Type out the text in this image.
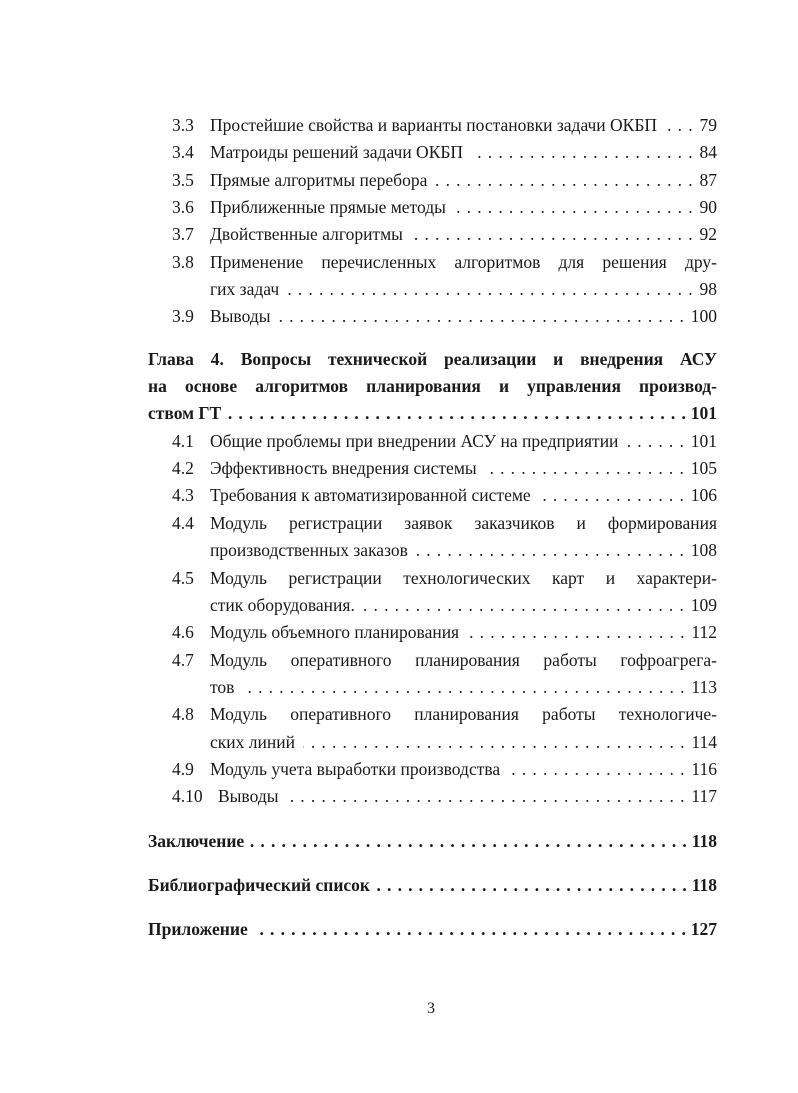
3.3 Простейшие свойства и варианты постановки задачи ОКБП . . . 79
3.4 Матроиды решений задачи ОКБП . . .	84
3.5 Прямые алгоритмы перебора . . .	87
3.6 Приближенные прямые методы . . .	90
3.7 Двойственные алгоритмы . . .	92
3.8 Применение перечисленных алгоритмов для решения дру-
гих задач . . .	98
3.9 Выводы . . .	100
Глава 4. Вопросы технической реализации и внедрения АСУ
на основе алгоритмов планирования и управления производ-
ством ГТ . . .	101
4.1 Общие проблемы при внедрении АСУ на предприятии . . .	101
4.2 Эффективность внедрения системы . . .	105
4.3 Требования к автоматизированной системе . . .	106
4.4 Модуль регистрации заявок заказчиков и формирования
производственных заказов . . .	108
4.5 Модуль регистрации технологических карт и характери-
стик оборудования. . . .	109
4.6 Модуль объемного планирования . . .	112
4.7 Модуль оперативного планирования работы гофроагрега-
тов . . .	113
4.8 Модуль оперативного планирования работы технологиче-
ских линий . . .	114
4.9 Модуль учета выработки производства . . .	116
4.10 Выводы . . .	117
Заключение . . .	118
Библиографический список . . .	118
Приложение . . .	127
3
